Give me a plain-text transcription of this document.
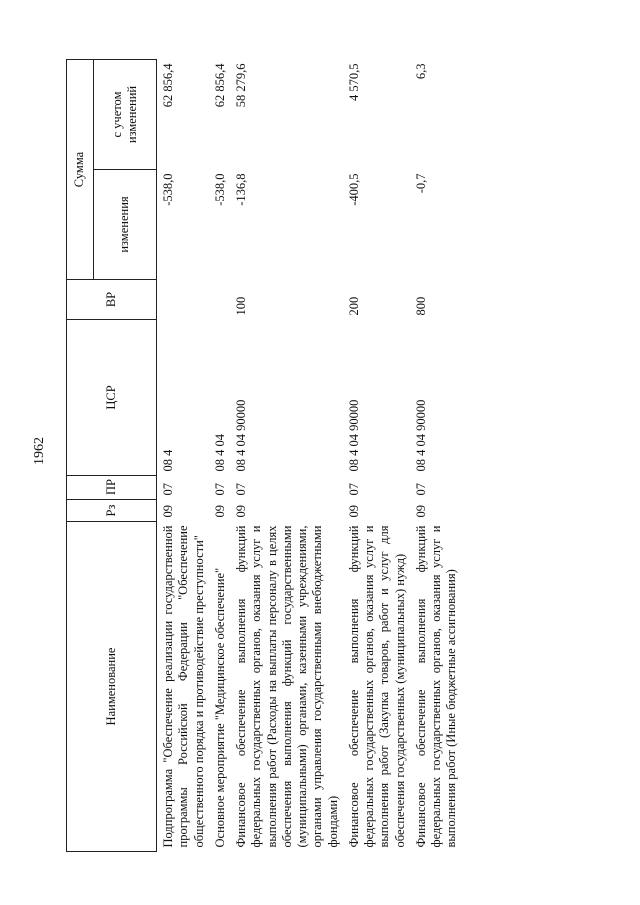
1962
Наименование	Рз	ПР	ЦСР	ВР	Сумма	
					изменения	с учетом изменений
Подпрограмма "Обеспечение реализации государственной программы Российской Федерации "Обеспечение общественного порядка и противодействие преступности"	09	07	08 4		-538,0	62 856,4
Основное мероприятие "Медицинское обеспечение"	09	07	08 4 04		-538,0	62 856,4
Финансовое обеспечение выполнения функций федеральных государственных органов, оказания услуг и выполнения работ (Расходы на выплаты персоналу в целях обеспечения выполнения функций государственными (муниципальными) органами, казенными учреждениями, органами управления государственными внебюджетными фондами)	09	07	08 4 04 90000	100	-136,8	58 279,6
Финансовое обеспечение выполнения функций федеральных государственных органов, оказания услуг и выполнения работ (Закупка товаров, работ и услуг для обеспечения государственных (муниципальных) нужд)	09	07	08 4 04 90000	200	-400,5	4 570,5
Финансовое обеспечение выполнения функций федеральных государственных органов, оказания услуг и выполнения работ (Иные бюджетные ассигнования)	09	07	08 4 04 90000	800	-0,7	6,3
